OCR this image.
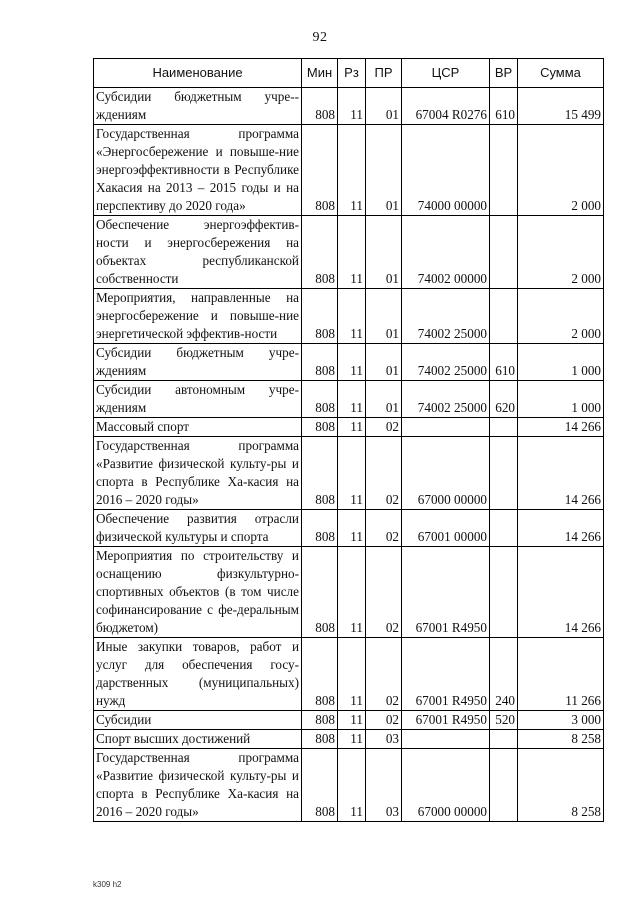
92
Наименование	Мин	Рз	ПР	ЦСР	ВР	Сумма
Субсидии бюджетным учре-ждениям	808	11	01	67004 R0276	610	15 499
Государственная программа «Энергосбережение и повыше-ние энергоэффективности в Республике Хакасия на 2013 – 2015 годы и на перспективу до 2020 года»	808	11	01	74000 00000		2 000
Обеспечение энергоэффектив-ности и энергосбережения на объектах республиканской собственности	808	11	01	74002 00000		2 000
Мероприятия, направленные на энергосбережение и повыше-ние энергетической эффектив-ности	808	11	01	74002 25000		2 000
Субсидии бюджетным учре-ждениям	808	11	01	74002 25000	610	1 000
Субсидии автономным учре-ждениям	808	11	01	74002 25000	620	1 000
Массовый спорт	808	11	02			14 266
Государственная программа «Развитие физической культу-ры и спорта в Республике Ха-касия на 2016 – 2020 годы»	808	11	02	67000 00000		14 266
Обеспечение развития отрасли физической культуры и спорта	808	11	02	67001 00000		14 266
Мероприятия по строительству и оснащению физкультурно-спортивных объектов (в том числе софинансирование с фе-деральным бюджетом)	808	11	02	67001 R4950		14 266
Иные закупки товаров, работ и услуг для обеспечения госу-дарственных (муниципальных) нужд	808	11	02	67001 R4950	240	11 266
Субсидии	808	11	02	67001 R4950	520	3 000
Спорт высших достижений	808	11	03			8 258
Государственная программа «Развитие физической культу-ры и спорта в Республике Ха-касия на 2016 – 2020 годы»	808	11	03	67000 00000		8 258
k309 h2
